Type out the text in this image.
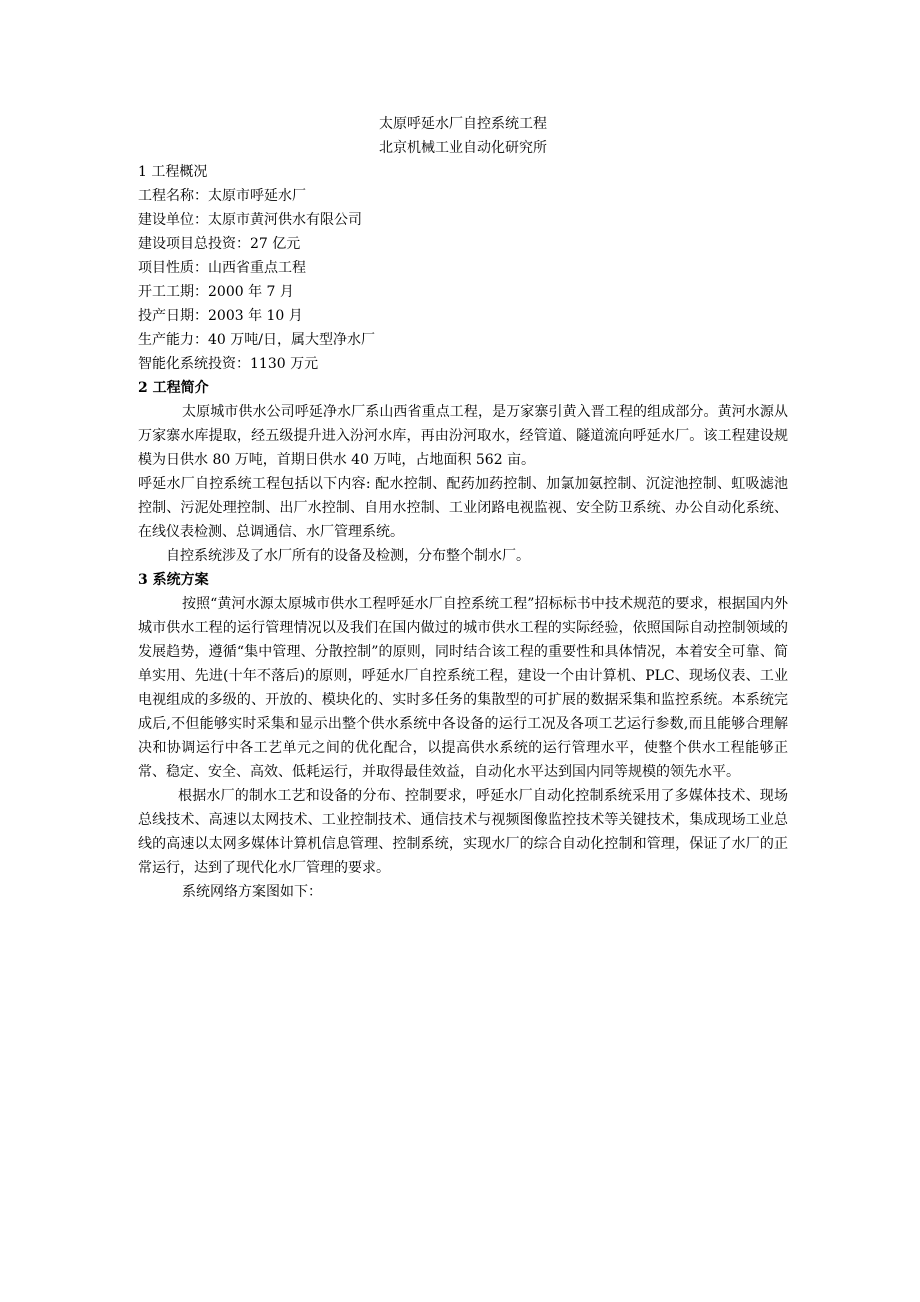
太原呼延水厂自控系统工程

北京机械工业自动化研究所

1 工程概况

工程名称：太原市呼延水厂

建设单位：太原市黄河供水有限公司

建设项目总投资：27 亿元

项目性质：山西省重点工程

开工工期：2000 年 7 月

投产日期：2003 年 10 月

生产能力：40 万吨/日，属大型净水厂

智能化系统投资：1130 万元

2 工程简介

太原城市供水公司呼延净水厂系山西省重点工程，是万家寨引黄入晋工程的组成部分。黄河水源从万家寨水库提取，经五级提升进入汾河水库，再由汾河取水，经管道、隧道流向呼延水厂。该工程建设规模为日供水 80 万吨，首期日供水 40 万吨，占地面积 562 亩。

呼延水厂自控系统工程包括以下内容: 配水控制、配药加药控制、加氯加氨控制、沉淀池控制、虹吸滤池控制、污泥处理控制、出厂水控制、自用水控制、工业闭路电视监视、安全防卫系统、办公自动化系统、在线仪表检测、总调通信、水厂管理系统。

自控系统涉及了水厂所有的设备及检测，分布整个制水厂。

3 系统方案

按照“黄河水源太原城市供水工程呼延水厂自控系统工程”招标标书中技术规范的要求，根据国内外城市供水工程的运行管理情况以及我们在国内做过的城市供水工程的实际经验，依照国际自动控制领域的发展趋势，遵循“集中管理、分散控制”的原则，同时结合该工程的重要性和具体情况，本着安全可靠、简单实用、先进(十年不落后)的原则，呼延水厂自控系统工程，建设一个由计算机、PLC、现场仪表、工业电视组成的多级的、开放的、模块化的、实时多任务的集散型的可扩展的数据采集和监控系统。本系统完成后,不但能够实时采集和显示出整个供水系统中各设备的运行工况及各项工艺运行参数,而且能够合理解决和协调运行中各工艺单元之间的优化配合，以提高供水系统的运行管理水平，使整个供水工程能够正常、稳定、安全、高效、低耗运行，并取得最佳效益，自动化水平达到国内同等规模的领先水平。

根据水厂的制水工艺和设备的分布、控制要求，呼延水厂自动化控制系统采用了多媒体技术、现场总线技术、高速以太网技术、工业控制技术、通信技术与视频图像监控技术等关键技术，集成现场工业总线的高速以太网多媒体计算机信息管理、控制系统，实现水厂的综合自动化控制和管理，保证了水厂的正常运行，达到了现代化水厂管理的要求。

系统网络方案图如下：
